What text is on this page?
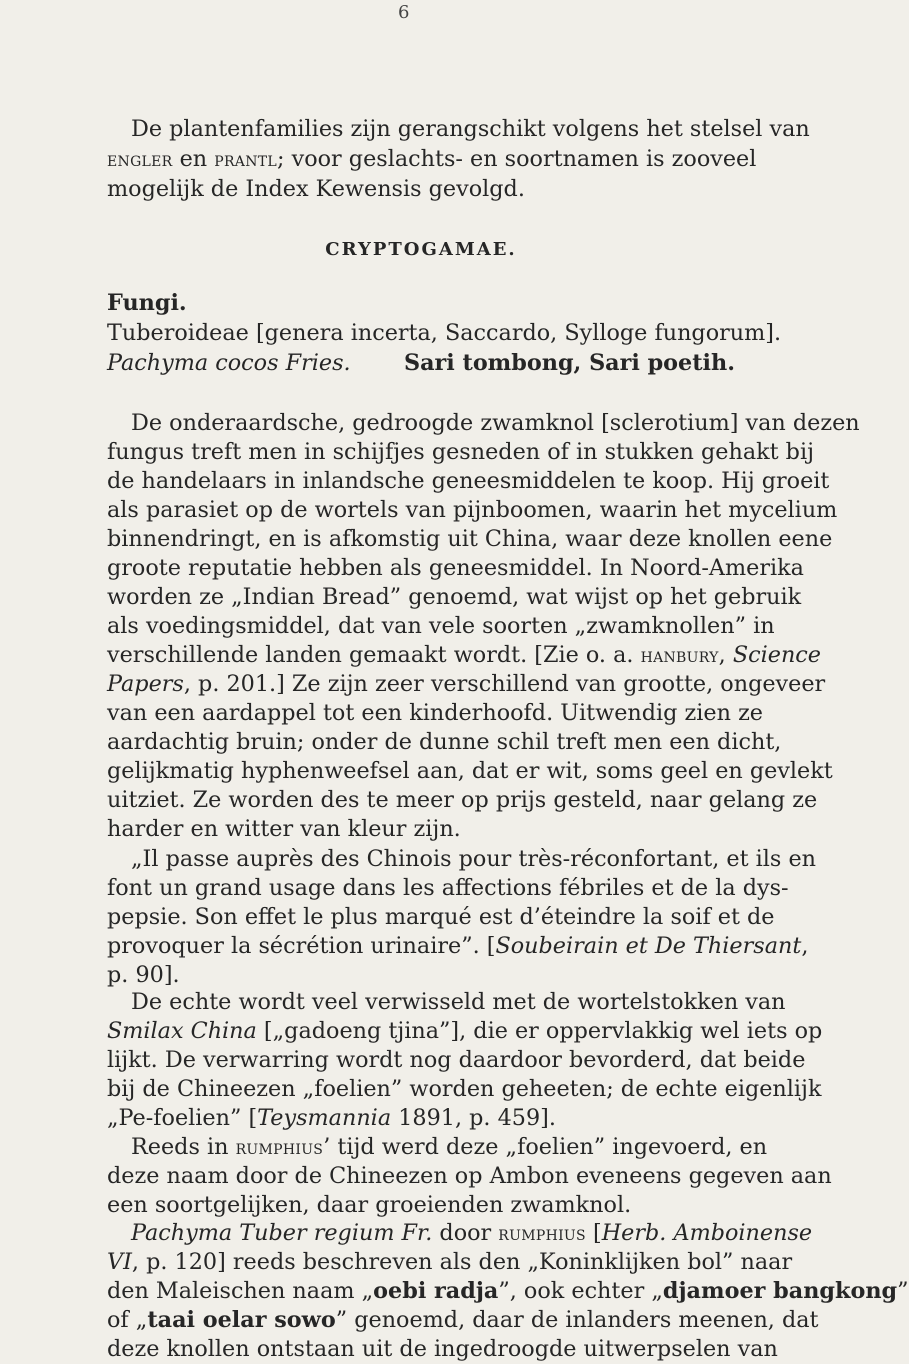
6
De plantenfamilies zijn gerangschikt volgens het stelsel van
engler en prantl; voor geslachts- en soortnamen is zooveel
mogelijk de Index Kewensis gevolgd.
CRYPTOGAMAE.
Fungi.
Tuberoideae [genera incerta, Saccardo, Sylloge fungorum].
Pachyma cocos Fries. Sari tombong, Sari poetih.
De onderaardsche, gedroogde zwamknol [sclerotium] van dezen
fungus treft men in schijfjes gesneden of in stukken gehakt bij
de handelaars in inlandsche geneesmiddelen te koop. Hij groeit
als parasiet op de wortels van pijnboomen, waarin het mycelium
binnendringt, en is afkomstig uit China, waar deze knollen eene
groote reputatie hebben als geneesmiddel. In Noord-Amerika
worden ze „Indian Bread” genoemd, wat wijst op het gebruik
als voedingsmiddel, dat van vele soorten „zwamknollen” in
verschillende landen gemaakt wordt. [Zie o. a. hanbury, Science
Papers, p. 201.] Ze zijn zeer verschillend van grootte, ongeveer
van een aardappel tot een kinderhoofd. Uitwendig zien ze
aardachtig bruin; onder de dunne schil treft men een dicht,
gelijkmatig hyphenweefsel aan, dat er wit, soms geel en gevlekt
uitziet. Ze worden des te meer op prijs gesteld, naar gelang ze
harder en witter van kleur zijn.
„Il passe auprès des Chinois pour très-réconfortant, et ils en
font un grand usage dans les affections fébriles et de la dys-
pepsie. Son effet le plus marqué est d’éteindre la soif et de
provoquer la sécrétion urinaire”. [Soubeirain et De Thiersant,
p. 90].
De echte wordt veel verwisseld met de wortelstokken van
Smilax China [„gadoeng tjina”], die er oppervlakkig wel iets op
lijkt. De verwarring wordt nog daardoor bevorderd, dat beide
bij de Chineezen „foelien” worden geheeten; de echte eigenlijk
„Pe-foelien” [Teysmannia 1891, p. 459].
Reeds in rumphius’ tijd werd deze „foelien” ingevoerd, en
deze naam door de Chineezen op Ambon eveneens gegeven aan
een soortgelijken, daar groeienden zwamknol.
Pachyma Tuber regium Fr. door rumphius [Herb. Amboinense
VI, p. 120] reeds beschreven als den „Koninklijken bol” naar
den Maleischen naam „oebi radja”, ook echter „djamoer bangkong”
of „taai oelar sowo” genoemd, daar de inlanders meenen, dat
deze knollen ontstaan uit de ingedroogde uitwerpselen van
